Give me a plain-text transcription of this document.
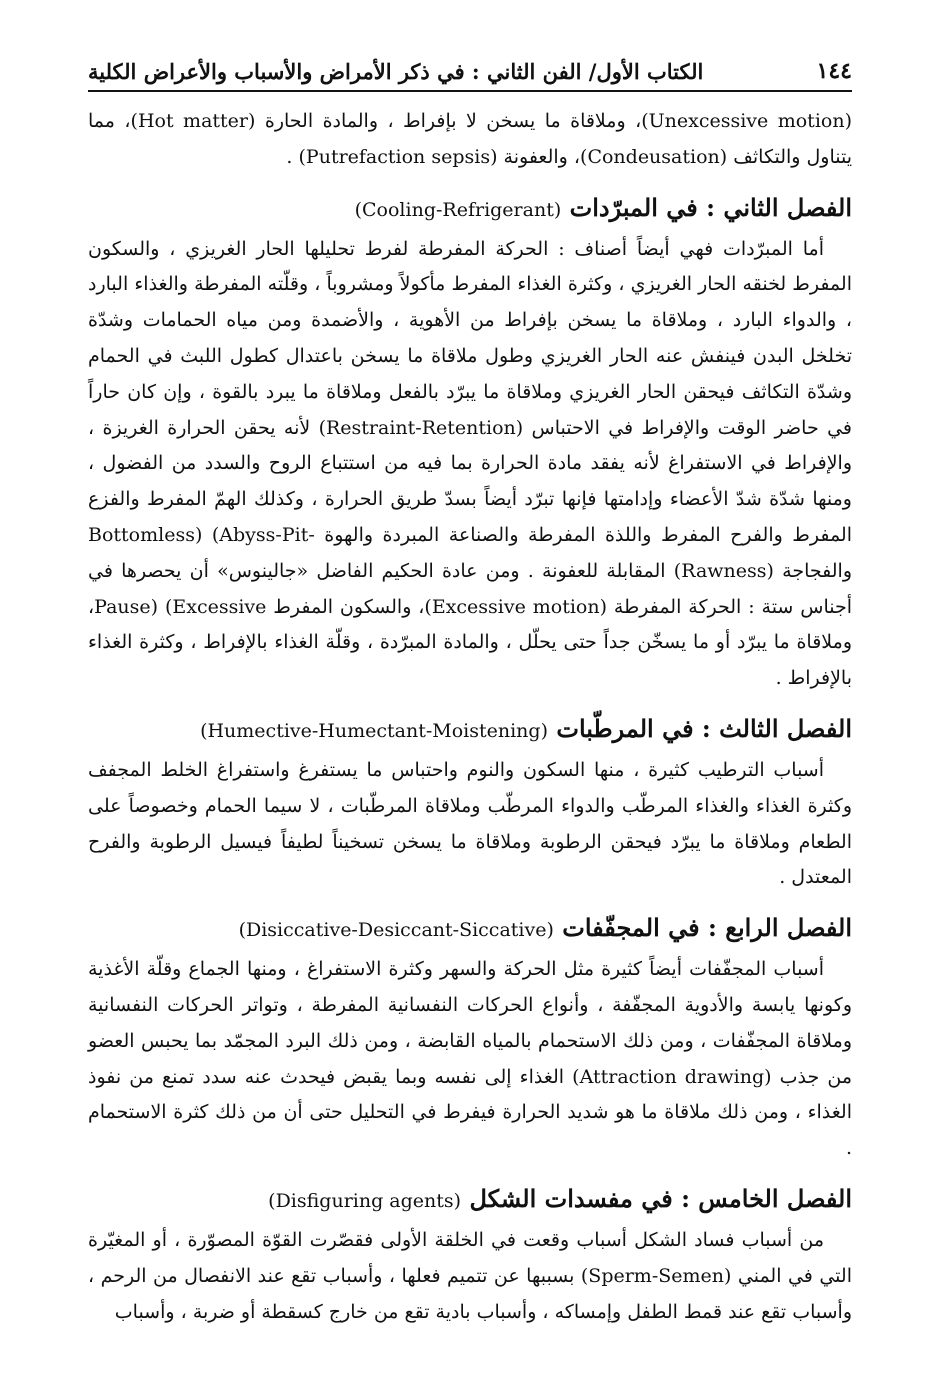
١٤٤
الكتاب الأول/ الفن الثاني : في ذكر الأمراض والأسباب والأعراض الكلية

(Unexcessive motion)، وملاقاة ما يسخن لا بإفراط ، والمادة الحارة (Hot matter)، مما يتناول والتكاثف (Condeusation)، والعفونة (Putrefaction sepsis) .

الفصل الثاني : في المبرّدات (Cooling-Refrigerant)

أما المبرّدات فهي أيضاً أصناف : الحركة المفرطة لفرط تحليلها الحار الغريزي ، والسكون المفرط لخنقه الحار الغريزي ، وكثرة الغذاء المفرط مأكولاً ومشروباً ، وقلّته المفرطة والغذاء البارد ، والدواء البارد ، وملاقاة ما يسخن بإفراط من الأهوية ، والأضمدة ومن مياه الحمامات وشدّة تخلخل البدن فينفش عنه الحار الغريزي وطول ملاقاة ما يسخن باعتدال كطول اللبث في الحمام وشدّة التكاثف فيحقن الحار الغريزي وملاقاة ما يبرّد بالفعل وملاقاة ما يبرد بالقوة ، وإن كان حاراً في حاضر الوقت والإفراط في الاحتباس (Restraint-Retention) لأنه يحقن الحرارة الغريزة ، والإفراط في الاستفراغ لأنه يفقد مادة الحرارة بما فيه من استتباع الروح والسدد من الفضول ، ومنها شدّة شدّ الأعضاء وإدامتها فإنها تبرّد أيضاً بسدّ طريق الحرارة ، وكذلك الهمّ المفرط والفزع المفرط والفرح المفرط واللذة المفرطة والصناعة المبردة والهوة -Abyss-Pit) (Bottomless والفجاجة (Rawness) المقابلة للعفونة . ومن عادة الحكيم الفاضل «جالينوس» أن يحصرها في أجناس ستة : الحركة المفرطة (Excessive motion)، والسكون المفرط Excessive) (Pause، وملاقاة ما يبرّد أو ما يسخّن جداً حتى يحلّل ، والمادة المبرّدة ، وقلّة الغذاء بالإفراط ، وكثرة الغذاء بالإفراط .

الفصل الثالث : في المرطّبات (Humective-Humectant-Moistening)

أسباب الترطيب كثيرة ، منها السكون والنوم واحتباس ما يستفرغ واستفراغ الخلط المجفف وكثرة الغذاء والغذاء المرطّب والدواء المرطّب وملاقاة المرطّبات ، لا سيما الحمام وخصوصاً على الطعام وملاقاة ما يبرّد فيحقن الرطوبة وملاقاة ما يسخن تسخيناً لطيفاً فيسيل الرطوبة والفرح المعتدل .

الفصل الرابع : في المجفّفات (Disiccative-Desiccant-Siccative)

أسباب المجفّفات أيضاً كثيرة مثل الحركة والسهر وكثرة الاستفراغ ، ومنها الجماع وقلّة الأغذية وكونها يابسة والأدوية المجفّفة ، وأنواع الحركات النفسانية المفرطة ، وتواتر الحركات النفسانية وملاقاة المجفّفات ، ومن ذلك الاستحمام بالمياه القابضة ، ومن ذلك البرد المجمّد بما يحبس العضو من جذب (Attraction drawing) الغذاء إلى نفسه وبما يقبض فيحدث عنه سدد تمنع من نفوذ الغذاء ، ومن ذلك ملاقاة ما هو شديد الحرارة فيفرط في التحليل حتى أن من ذلك كثرة الاستحمام .

الفصل الخامس : في مفسدات الشكل (Disfiguring agents)

من أسباب فساد الشكل أسباب وقعت في الخلقة الأولى فقصّرت القوّة المصوّرة ، أو المغيّرة التي في المني (Sperm-Semen) بسببها عن تتميم فعلها ، وأسباب تقع عند الانفصال من الرحم ، وأسباب تقع عند قمط الطفل وإمساكه ، وأسباب بادية تقع من خارج كسقطة أو ضربة ، وأسباب
